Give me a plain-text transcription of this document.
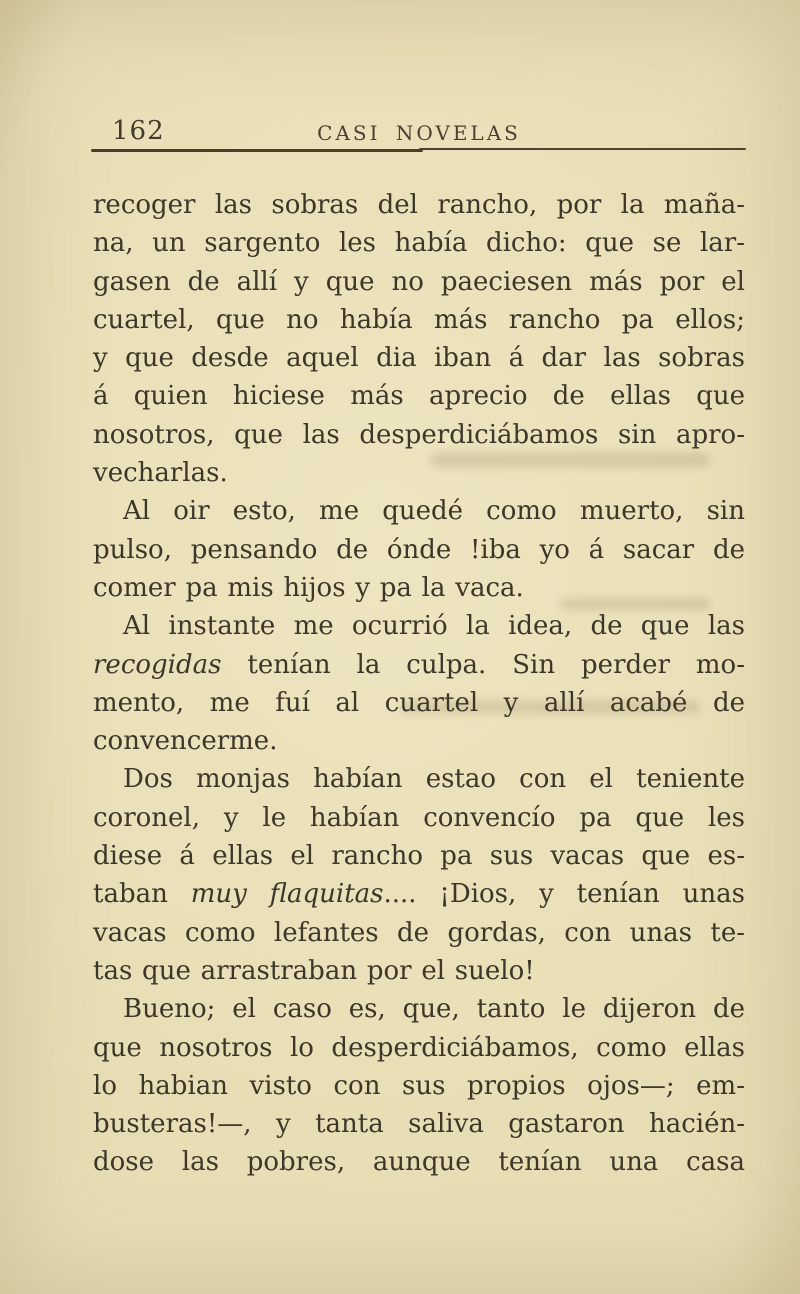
162	CASI NOVELAS
recoger las sobras del rancho, por la maña-
na, un sargento les había dicho: que se lar-
gasen de allí y que no paeciesen más por el
cuartel, que no había más rancho pa ellos;
y que desde aquel dia iban á dar las sobras
á quien hiciese más aprecio de ellas que
nosotros, que las desperdiciábamos sin apro-
vecharlas.
Al oir esto, me quedé como muerto, sin
pulso, pensando de ónde !iba yo á sacar de
comer pa mis hijos y pa la vaca.
Al instante me ocurrió la idea, de que las
recogidas tenían la culpa. Sin perder mo-
mento, me fuí al cuartel y allí acabé de
convencerme.
Dos monjas habían estao con el teniente
coronel, y le habían convencío pa que les
diese á ellas el rancho pa sus vacas que es-
taban muy flaquitas.... ¡Dios, y tenían unas
vacas como lefantes de gordas, con unas te-
tas que arrastraban por el suelo!
Bueno; el caso es, que, tanto le dijeron de
que nosotros lo desperdiciábamos, como ellas
lo habian visto con sus propios ojos—; em-
busteras!—, y tanta saliva gastaron hacién-
dose las pobres, aunque tenían una casa
